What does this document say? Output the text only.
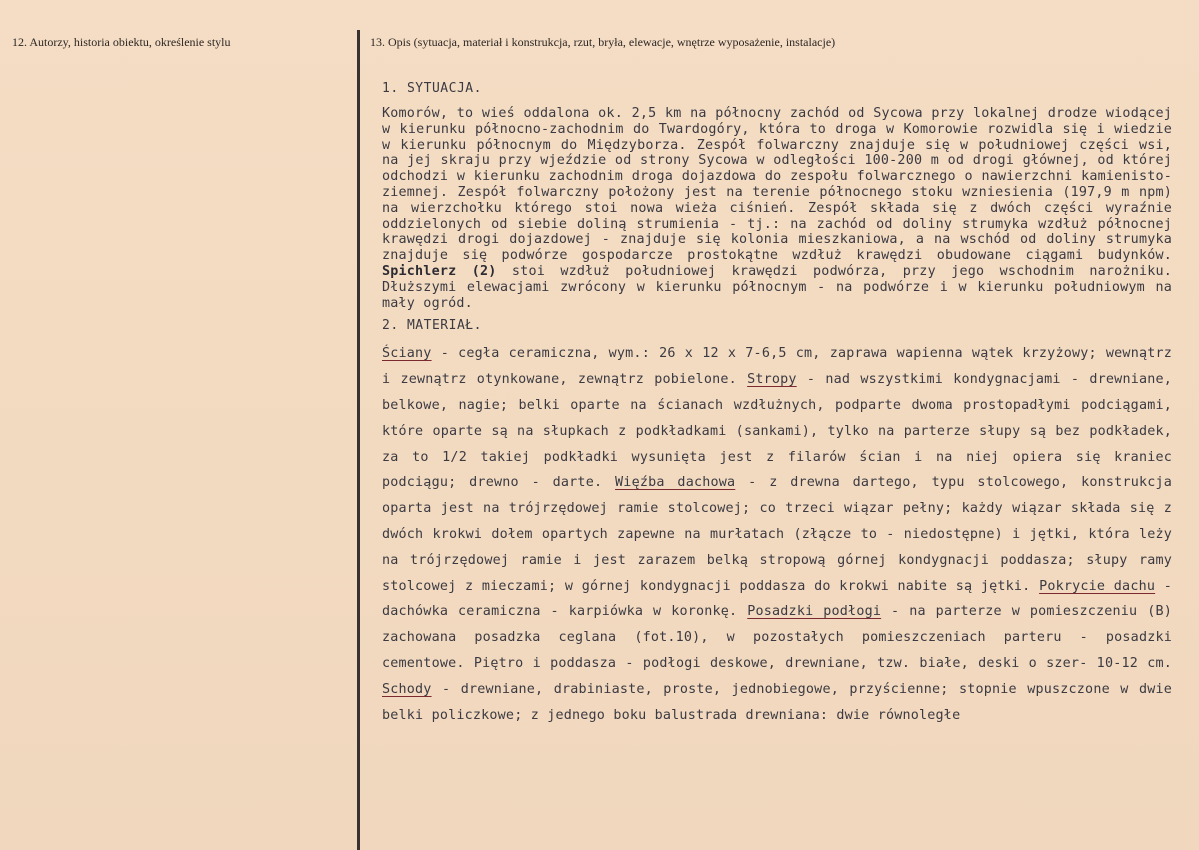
12. Autorzy, historia obiektu, określenie stylu	13. Opis (sytuacja, materiał i konstrukcja, rzut, bryła, elewacje, wnętrze wyposażenie, instalacje)
1. SYTUACJA.

Komorów, to wieś oddalona ok. 2,5 km na północny zachód od Sycowa przy lokalnej drodze wiodącej w kierunku północno-zachodnim do Twardogóry, która to droga w Komorowie rozwidla się i wiedzie w kierunku północnym do Międzyborza. Zespół folwarczny znajduje się w południowej części wsi, na jej skraju przy wjeździe od strony Sycowa w odległości 100-200 m od drogi głównej, od której odchodzi w kierunku zachodnim droga dojazdowa do zespołu folwarcznego o nawierzchni kamienisto-ziemnej. Zespół folwarczny położony jest na terenie północnego stoku wzniesienia (197,9 m npm) na wierzchołku którego stoi nowa wieża ciśnień. Zespół składa się z dwóch części wyraźnie oddzielonych od siebie doliną strumienia - tj.: na zachód od doliny strumyka wzdłuż północnej krawędzi drogi dojazdowej - znajduje się kolonia mieszkaniowa, a na wschód od doliny strumyka znajduje się podwórze gospodarcze prostokątne wzdłuż krawędzi obudowane ciągami budynków. Spichlerz (2) stoi wzdłuż południowej krawędzi podwórza, przy jego wschodnim narożniku. Dłuższymi elewacjami zwrócony w kierunku północnym - na podwórze i w kierunku południowym na mały ogród.

2. MATERIAŁ.

Ściany - cegła ceramiczna, wym.: 26 x 12 x 7-6,5 cm, zaprawa wapienna wątek krzyżowy; wewnątrz i zewnątrz otynkowane, zewnątrz pobielone. Stropy - nad wszystkimi kondygnacjami - drewniane, belkowe, nagie; belki oparte na ścianach wzdłużnych, podparte dwoma prostopadłymi podciągami, które oparte są na słupkach z podkładkami (sankami), tylko na parterze słupy są bez podkładek, za to 1/2 takiej podkładki wysunięta jest z filarów ścian i na niej opiera się kraniec podciągu; drewno - darte. Więźba dachowa - z drewna dartego, typu stolcowego, konstrukcja oparta jest na trójrzędowej ramie stolcowej; co trzeci wiązar pełny; każdy wiązar składa się z dwóch krokwi dołem opartych zapewne na murłatach (złącze to - niedostępne) i jętki, która leży na trójrzędowej ramie i jest zarazem belką stropową górnej kondygnacji poddasza; słupy ramy stolcowej z mieczami; w górnej kondygnacji poddasza do krokwi nabite są jętki. Pokrycie dachu - dachówka ceramiczna - karpiówka w koronkę. Posadzki podłogi - na parterze w pomieszczeniu (B) zachowana posadzka ceglana (fot.10), w pozostałych pomieszczeniach parteru - posadzki cementowe. Piętro i poddasza - podłogi deskowe, drewniane, tzw. białe, deski o szer- 10-12 cm. Schody - drewniane, drabiniaste, proste, jednobiegowe, przyścienne; stopnie wpuszczone w dwie belki policzkowe; z jednego boku balustrada drewniana: dwie równoległe
